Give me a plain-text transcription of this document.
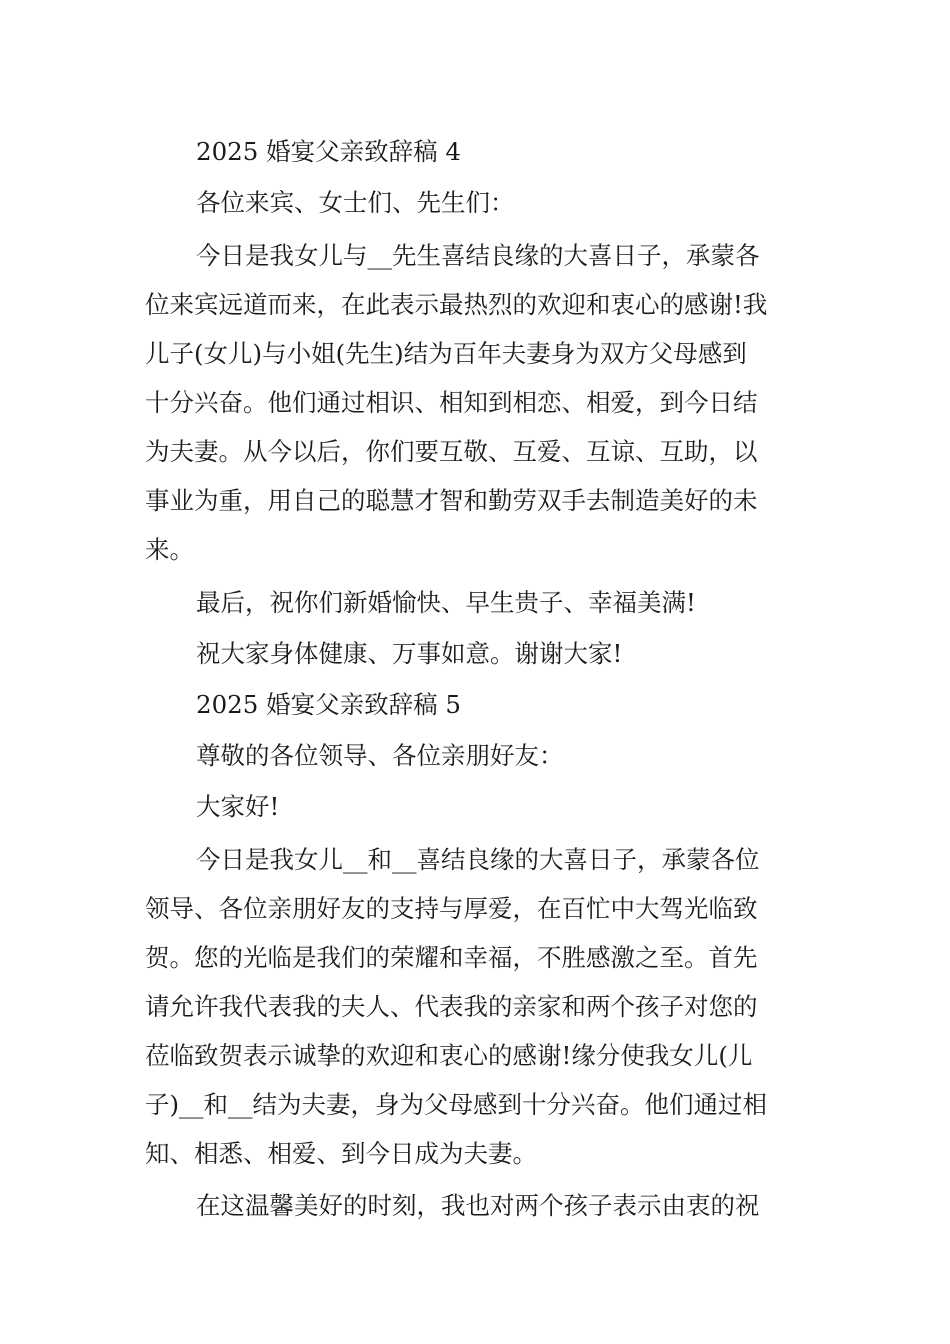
2025 婚宴父亲致辞稿 4

各位来宾、女士们、先生们：

今日是我女儿与__先生喜结良缘的大喜日子，承蒙各

位来宾远道而来，在此表示最热烈的欢迎和衷心的感谢!我

儿子(女儿)与小姐(先生)结为百年夫妻身为双方父母感到

十分兴奋。他们通过相识、相知到相恋、相爱，到今日结

为夫妻。从今以后，你们要互敬、互爱、互谅、互助，以

事业为重，用自己的聪慧才智和勤劳双手去制造美好的未

来。

最后，祝你们新婚愉快、早生贵子、幸福美满!

祝大家身体健康、万事如意。谢谢大家!

2025 婚宴父亲致辞稿 5

尊敬的各位领导、各位亲朋好友：

大家好!

今日是我女儿__和__喜结良缘的大喜日子，承蒙各位

领导、各位亲朋好友的支持与厚爱，在百忙中大驾光临致

贺。您的光临是我们的荣耀和幸福，不胜感激之至。首先

请允许我代表我的夫人、代表我的亲家和两个孩子对您的

莅临致贺表示诚挚的欢迎和衷心的感谢!缘分使我女儿(儿

子)__和__结为夫妻，身为父母感到十分兴奋。他们通过相

知、相悉、相爱、到今日成为夫妻。

在这温馨美好的时刻，我也对两个孩子表示由衷的祝
